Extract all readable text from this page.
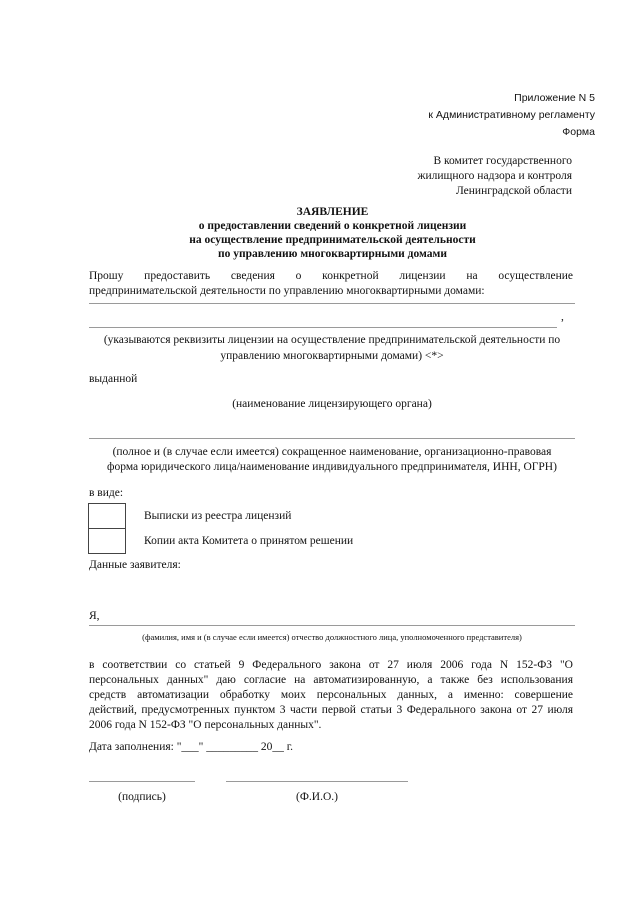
Приложение N 5
к Административному регламенту
Форма
В комитет государственного
жилищного надзора и контроля
Ленинградской области
ЗАЯВЛЕНИЕ
о предоставлении сведений о конкретной лицензии
на осуществление предпринимательской деятельности
по управлению многоквартирными домами
Прошу предоставить сведения о конкретной лицензии на осуществление
предпринимательской деятельности по управлению многоквартирными домами:
,
(указываются реквизиты лицензии на осуществление предпринимательской деятельности по
управлению многоквартирными домами) <*>
выданной
(наименование лицензирующего органа)
(полное и (в случае если имеется) сокращенное наименование, организационно-правовая
форма юридического лица/наименование индивидуального предпринимателя, ИНН, ОГРН)
в виде:
Выписки из реестра лицензий
Копии акта Комитета о принятом решении
Данные заявителя:
Я,
(фамилия, имя и (в случае если имеется) отчество должностного лица, уполномоченного представителя)
в соответствии со статьей 9 Федерального закона от 27 июля 2006 года N 152-ФЗ "О
персональных данных" даю согласие на автоматизированную, а также без использования
средств автоматизации обработку моих персональных данных, а именно: совершение
действий, предусмотренных пунктом 3 части первой статьи 3 Федерального закона от 27 июля
2006 года N 152-ФЗ "О персональных данных".
Дата заполнения: "___" _________ 20__ г.
(подпись)	(Ф.И.О.)
